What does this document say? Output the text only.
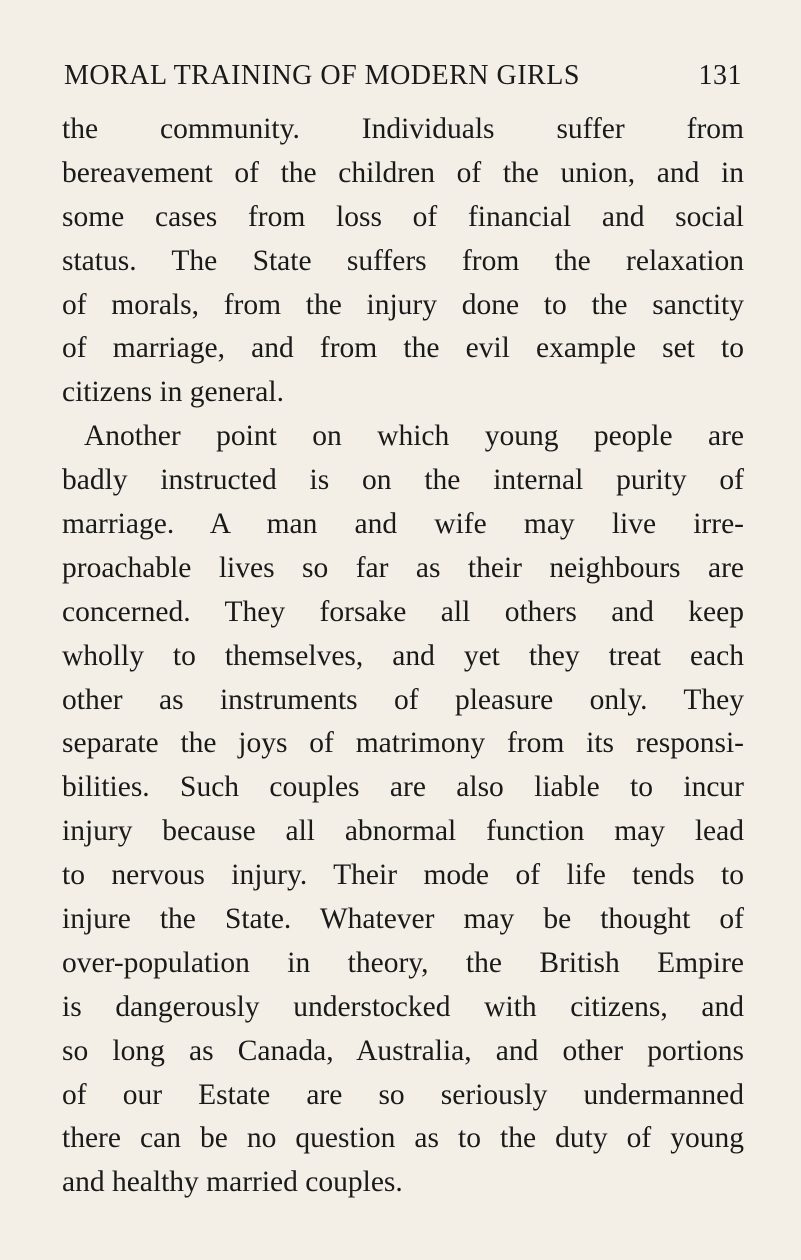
MORAL TRAINING OF MODERN GIRLS	131
the community. Individuals suffer from
bereavement of the children of the union, and in
some cases from loss of financial and social
status. The State suffers from the relaxation
of morals, from the injury done to the sanctity
of marriage, and from the evil example set to
citizens in general.
Another point on which young people are
badly instructed is on the internal purity of
marriage. A man and wife may live irre-
proachable lives so far as their neighbours are
concerned. They forsake all others and keep
wholly to themselves, and yet they treat each
other as instruments of pleasure only. They
separate the joys of matrimony from its responsi-
bilities. Such couples are also liable to incur
injury because all abnormal function may lead
to nervous injury. Their mode of life tends to
injure the State. Whatever may be thought of
over-population in theory, the British Empire
is dangerously understocked with citizens, and
so long as Canada, Australia, and other portions
of our Estate are so seriously undermanned
there can be no question as to the duty of young
and healthy married couples.
